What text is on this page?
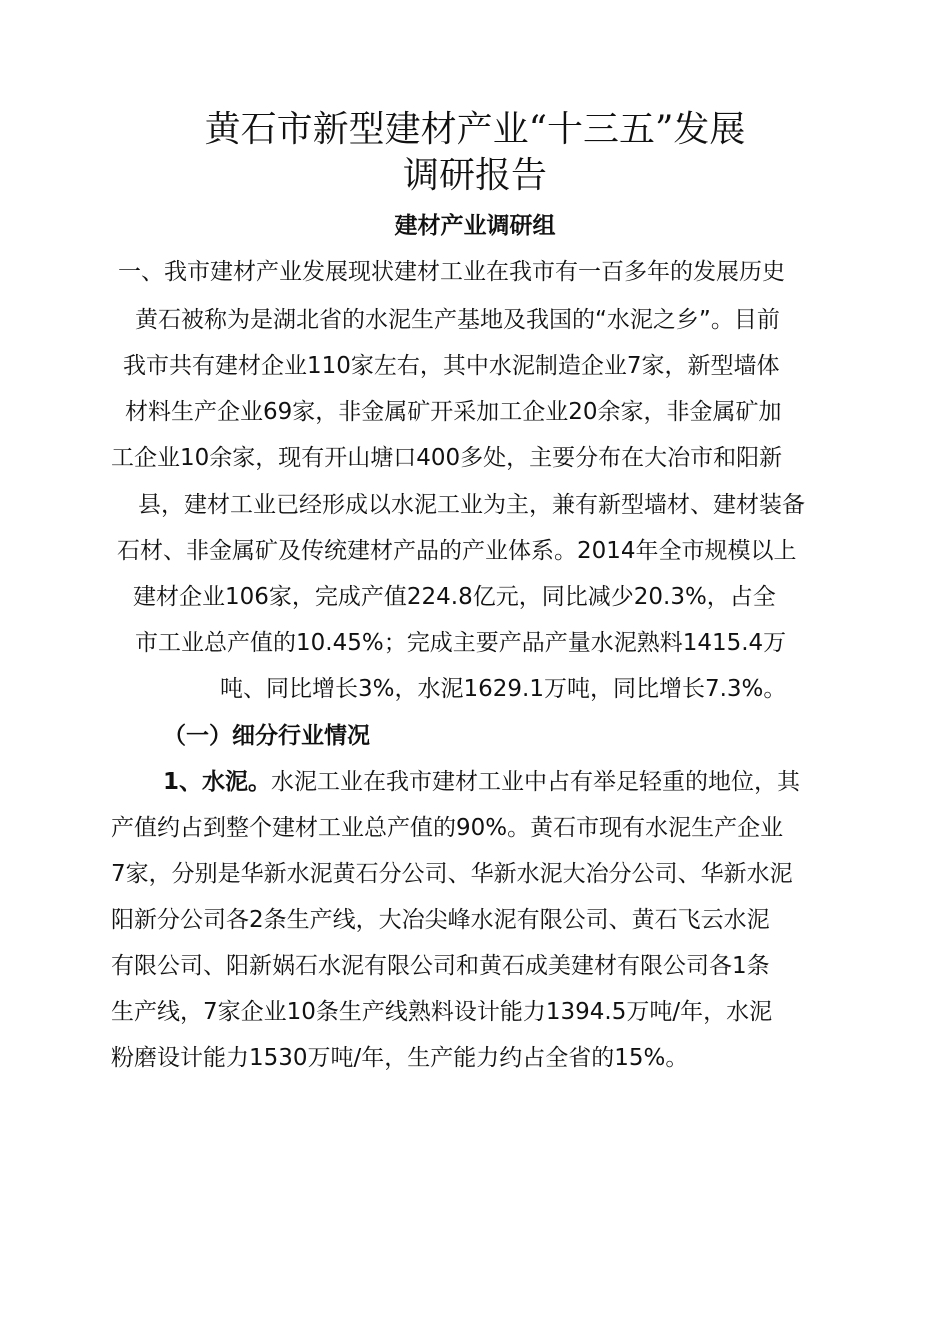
黄石市新型建材产业“十三五”发展
调研报告
建材产业调研组
一、我市建材产业发展现状建材工业在我市有一百多年的发展历史
黄石被称为是湖北省的水泥生产基地及我国的“水泥之乡”。目前
我市共有建材企业110家左右，其中水泥制造企业7家，新型墙体
材料生产企业69家，非金属矿开采加工企业20余家，非金属矿加
工企业10余家，现有开山塘口400多处，主要分布在大冶市和阳新
县，建材工业已经形成以水泥工业为主，兼有新型墙材、建材装备
石材、非金属矿及传统建材产品的产业体系。2014年全市规模以上
建材企业106家，完成产值224.8亿元，同比减少20.3%，占全
市工业总产值的10.45%；完成主要产品产量水泥熟料1415.4万
吨、同比增长3%，水泥1629.1万吨，同比增长7.3%。
（一）细分行业情况
1、水泥。水泥工业在我市建材工业中占有举足轻重的地位，其
产值约占到整个建材工业总产值的90%。黄石市现有水泥生产企业
7家，分别是华新水泥黄石分公司、华新水泥大冶分公司、华新水泥
阳新分公司各2条生产线，大冶尖峰水泥有限公司、黄石飞云水泥
有限公司、阳新娲石水泥有限公司和黄石成美建材有限公司各1条
生产线，7家企业10条生产线熟料设计能力1394.5万吨/年，水泥
粉磨设计能力1530万吨/年，生产能力约占全省的15%。
